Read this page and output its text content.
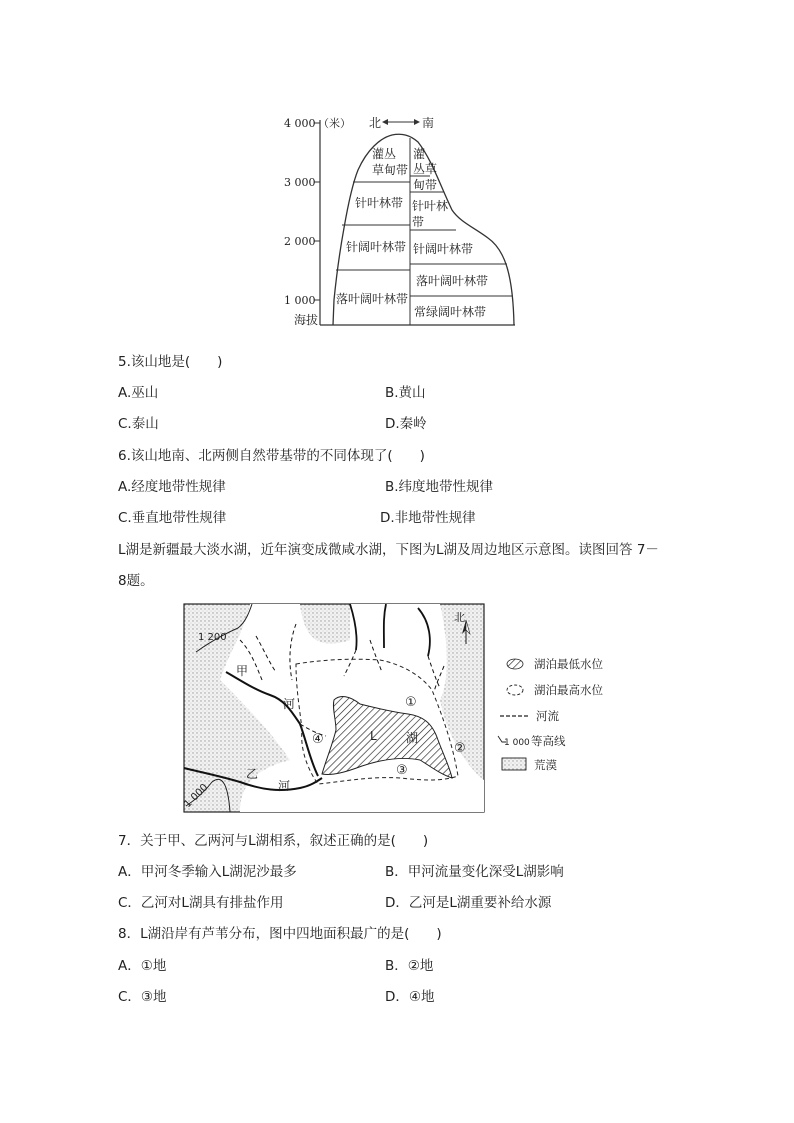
4 000 （米）
3 000
2 000
1 000
海拔
北	南
灌丛
草甸带
针叶林带
针阔叶林带
落叶阔叶林带
灌
丛草
甸带
针叶林
带
针阔叶林带
落叶阔叶林带
常绿阔叶林带
5.该山地是(　　)
A.巫山	B.黄山
C.泰山	D.秦岭
6.该山地南、北两侧自然带基带的不同体现了(　　)
A.经度地带性规律	B.纬度地带性规律
C.垂直地带性规律	D.非地带性规律
L湖是新疆最大淡水湖，近年演变成微咸水湖，下图为L湖及周边地区示意图。读图回答 7－
8题。
北
1 200
1 000
甲
河
乙
河
L 湖
①
②
③
④
湖泊最低水位
湖泊最高水位
河流
1 000 等高线
荒漠
7．关于甲、乙两河与L湖相系，叙述正确的是(　　)
A．甲河冬季输入L湖泥沙最多	B．甲河流量变化深受L湖影响
C．乙河对L湖具有排盐作用	D．乙河是L湖重要补给水源
8．L湖沿岸有芦苇分布，图中四地面积最广的是(　　)
A．①地	B．②地
C．③地	D．④地
